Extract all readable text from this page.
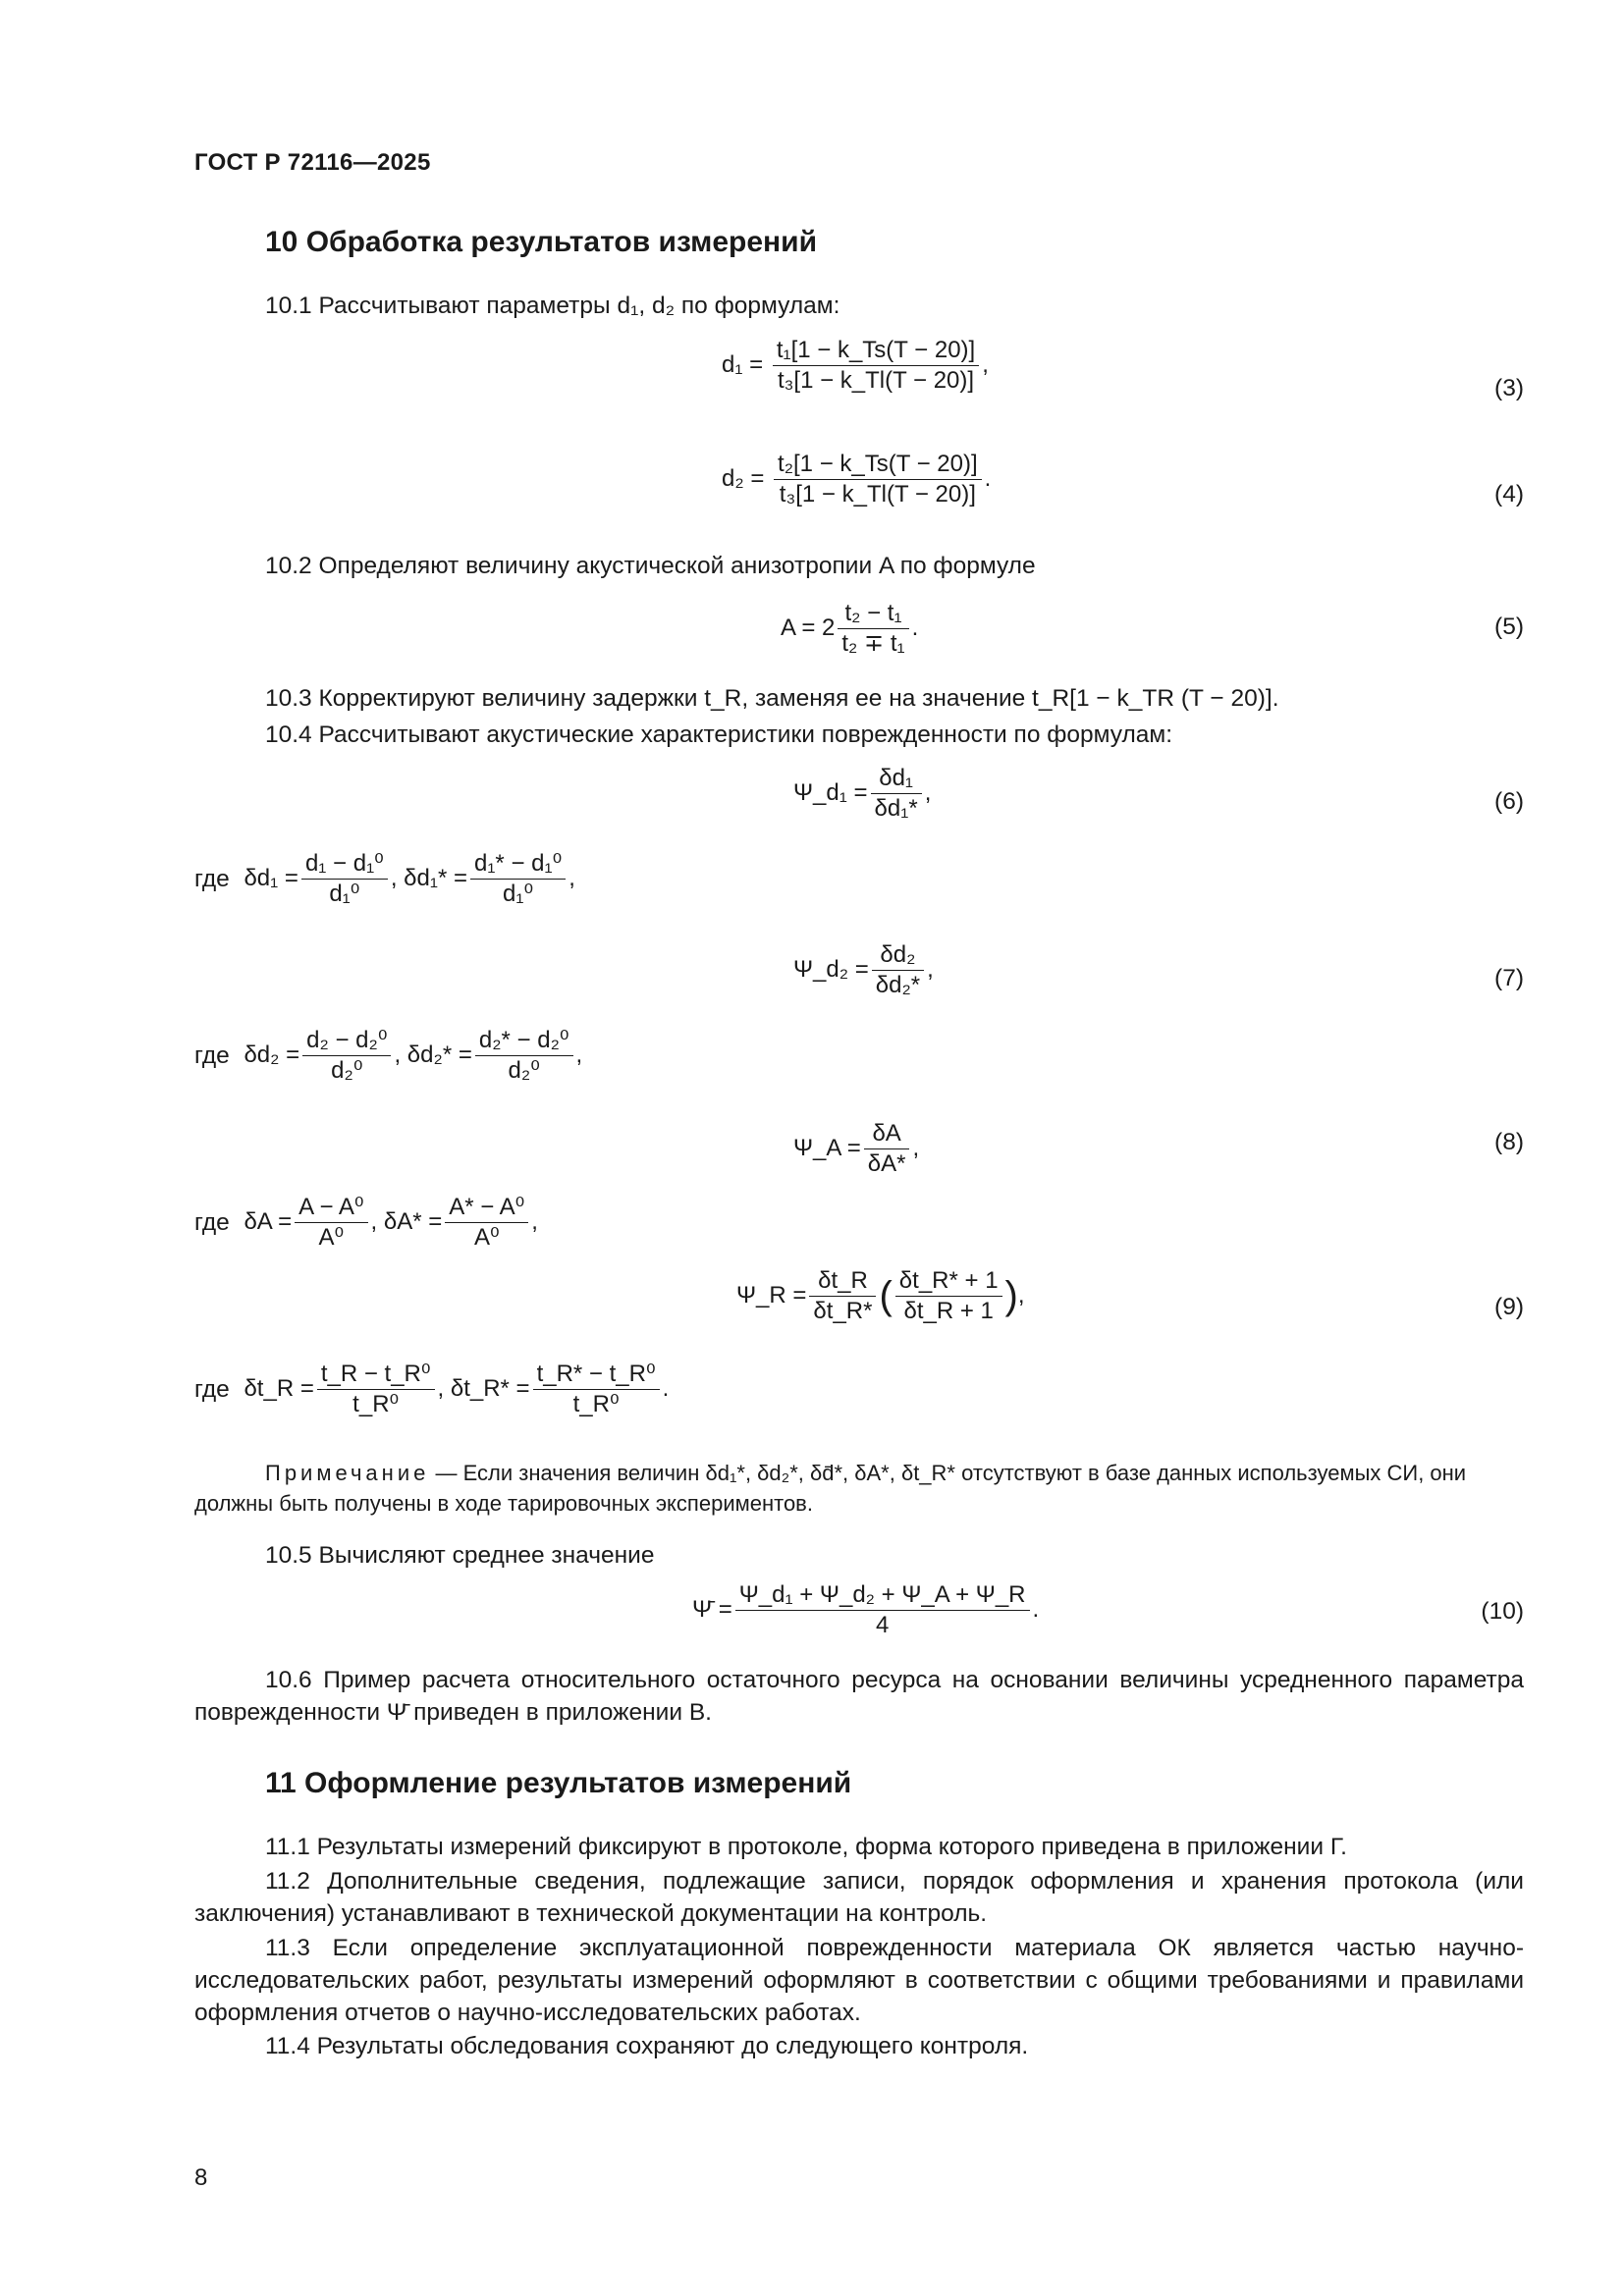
ГОСТ Р 72116—2025
10 Обработка результатов измерений
10.1 Рассчитывают параметры d₁, d₂ по формулам:
$d_1 = \frac{\text{t₁[1 − k\_Ts(T − 20)]}}{\text{t₃[1 − k\_Tl(T − 20)]}}$ ,
(3)
$d_2 = \frac{\text{t₂[1 − k\_Ts(T − 20)]}}{\text{t₃[1 − k\_Tl(T − 20)]}}$ .
(4)
10.2 Определяют величину акустической анизотропии A по формуле
$A = 2 \frac{\text{t₂ − t₁}}{\text{t₂ ∓ t₁}}$ .	(5)
10.3 Корректируют величину задержки t_R, заменяя ее на значение t_R[1 − k_TR (T − 20)].
10.4 Рассчитывают акустические характеристики поврежденности по формулам:
Ψ_d₁ = $\frac{\text{δd₁}}{\text{δd₁*}}$ ,	(6)
где $\delta d_1 = \frac{\text{d₁ − d₁⁰}}{\text{d₁⁰}}$ , $\delta d_1* = \frac{\text{d₁* − d₁⁰}}{\text{d₁⁰}}$ ,
Ψ_d₂ = $\frac{\text{δd₂}}{\text{δd₂*}}$ ,	(7)
где $\delta d_2 = \frac{\text{d₂ − d₂⁰}}{\text{d₂⁰}}$ , $\delta d_2* = \frac{\text{d₂* − d₂⁰}}{\text{d₂⁰}}$ ,
Ψ_A = $\frac{\delta A}{\delta A*}$ ,	(8)
где $\delta A = \frac{\text{A − A⁰}}{\text{A⁰}}$ , $\delta A* = \frac{\text{A* − A⁰}}{\text{A⁰}}$ ,
Ψ_R = $\frac{\delta t\_R}{\delta t\_R*}$ ( $\frac{\delta t\_R* + 1}{\delta t\_R + 1}$ ),	(9)
где δt_R = $\frac{\text{t\_R − t\_R⁰}}{\text{t\_R⁰}}$ , δt_R* = $\frac{\text{t\_R* − t\_R⁰}}{\text{t\_R⁰}}$ .
Примечание — Если значения величин δd₁*, δd₂*, δd̄*, δA*, δt_R* отсутствуют в базе данных используемых СИ, они должны быть получены в ходе тарировочных экспериментов.
10.5 Вычисляют среднее значение
Ψ̄ = $\frac{\text{Ψ\_d₁ + Ψ\_d₂ + Ψ\_A + Ψ\_R}}{4}$ .	(10)
10.6 Пример расчета относительного остаточного ресурса на основании величины усредненного параметра поврежденности Ψ̄ приведен в приложении В.
11 Оформление результатов измерений
11.1 Результаты измерений фиксируют в протоколе, форма которого приведена в приложении Г.
11.2 Дополнительные сведения, подлежащие записи, порядок оформления и хранения протокола (или заключения) устанавливают в технической документации на контроль.
11.3 Если определение эксплуатационной поврежденности материала ОК является частью научно-исследовательских работ, результаты измерений оформляют в соответствии с общими требованиями и правилами оформления отчетов о научно-исследовательских работах.
11.4 Результаты обследования сохраняют до следующего контроля.
8
